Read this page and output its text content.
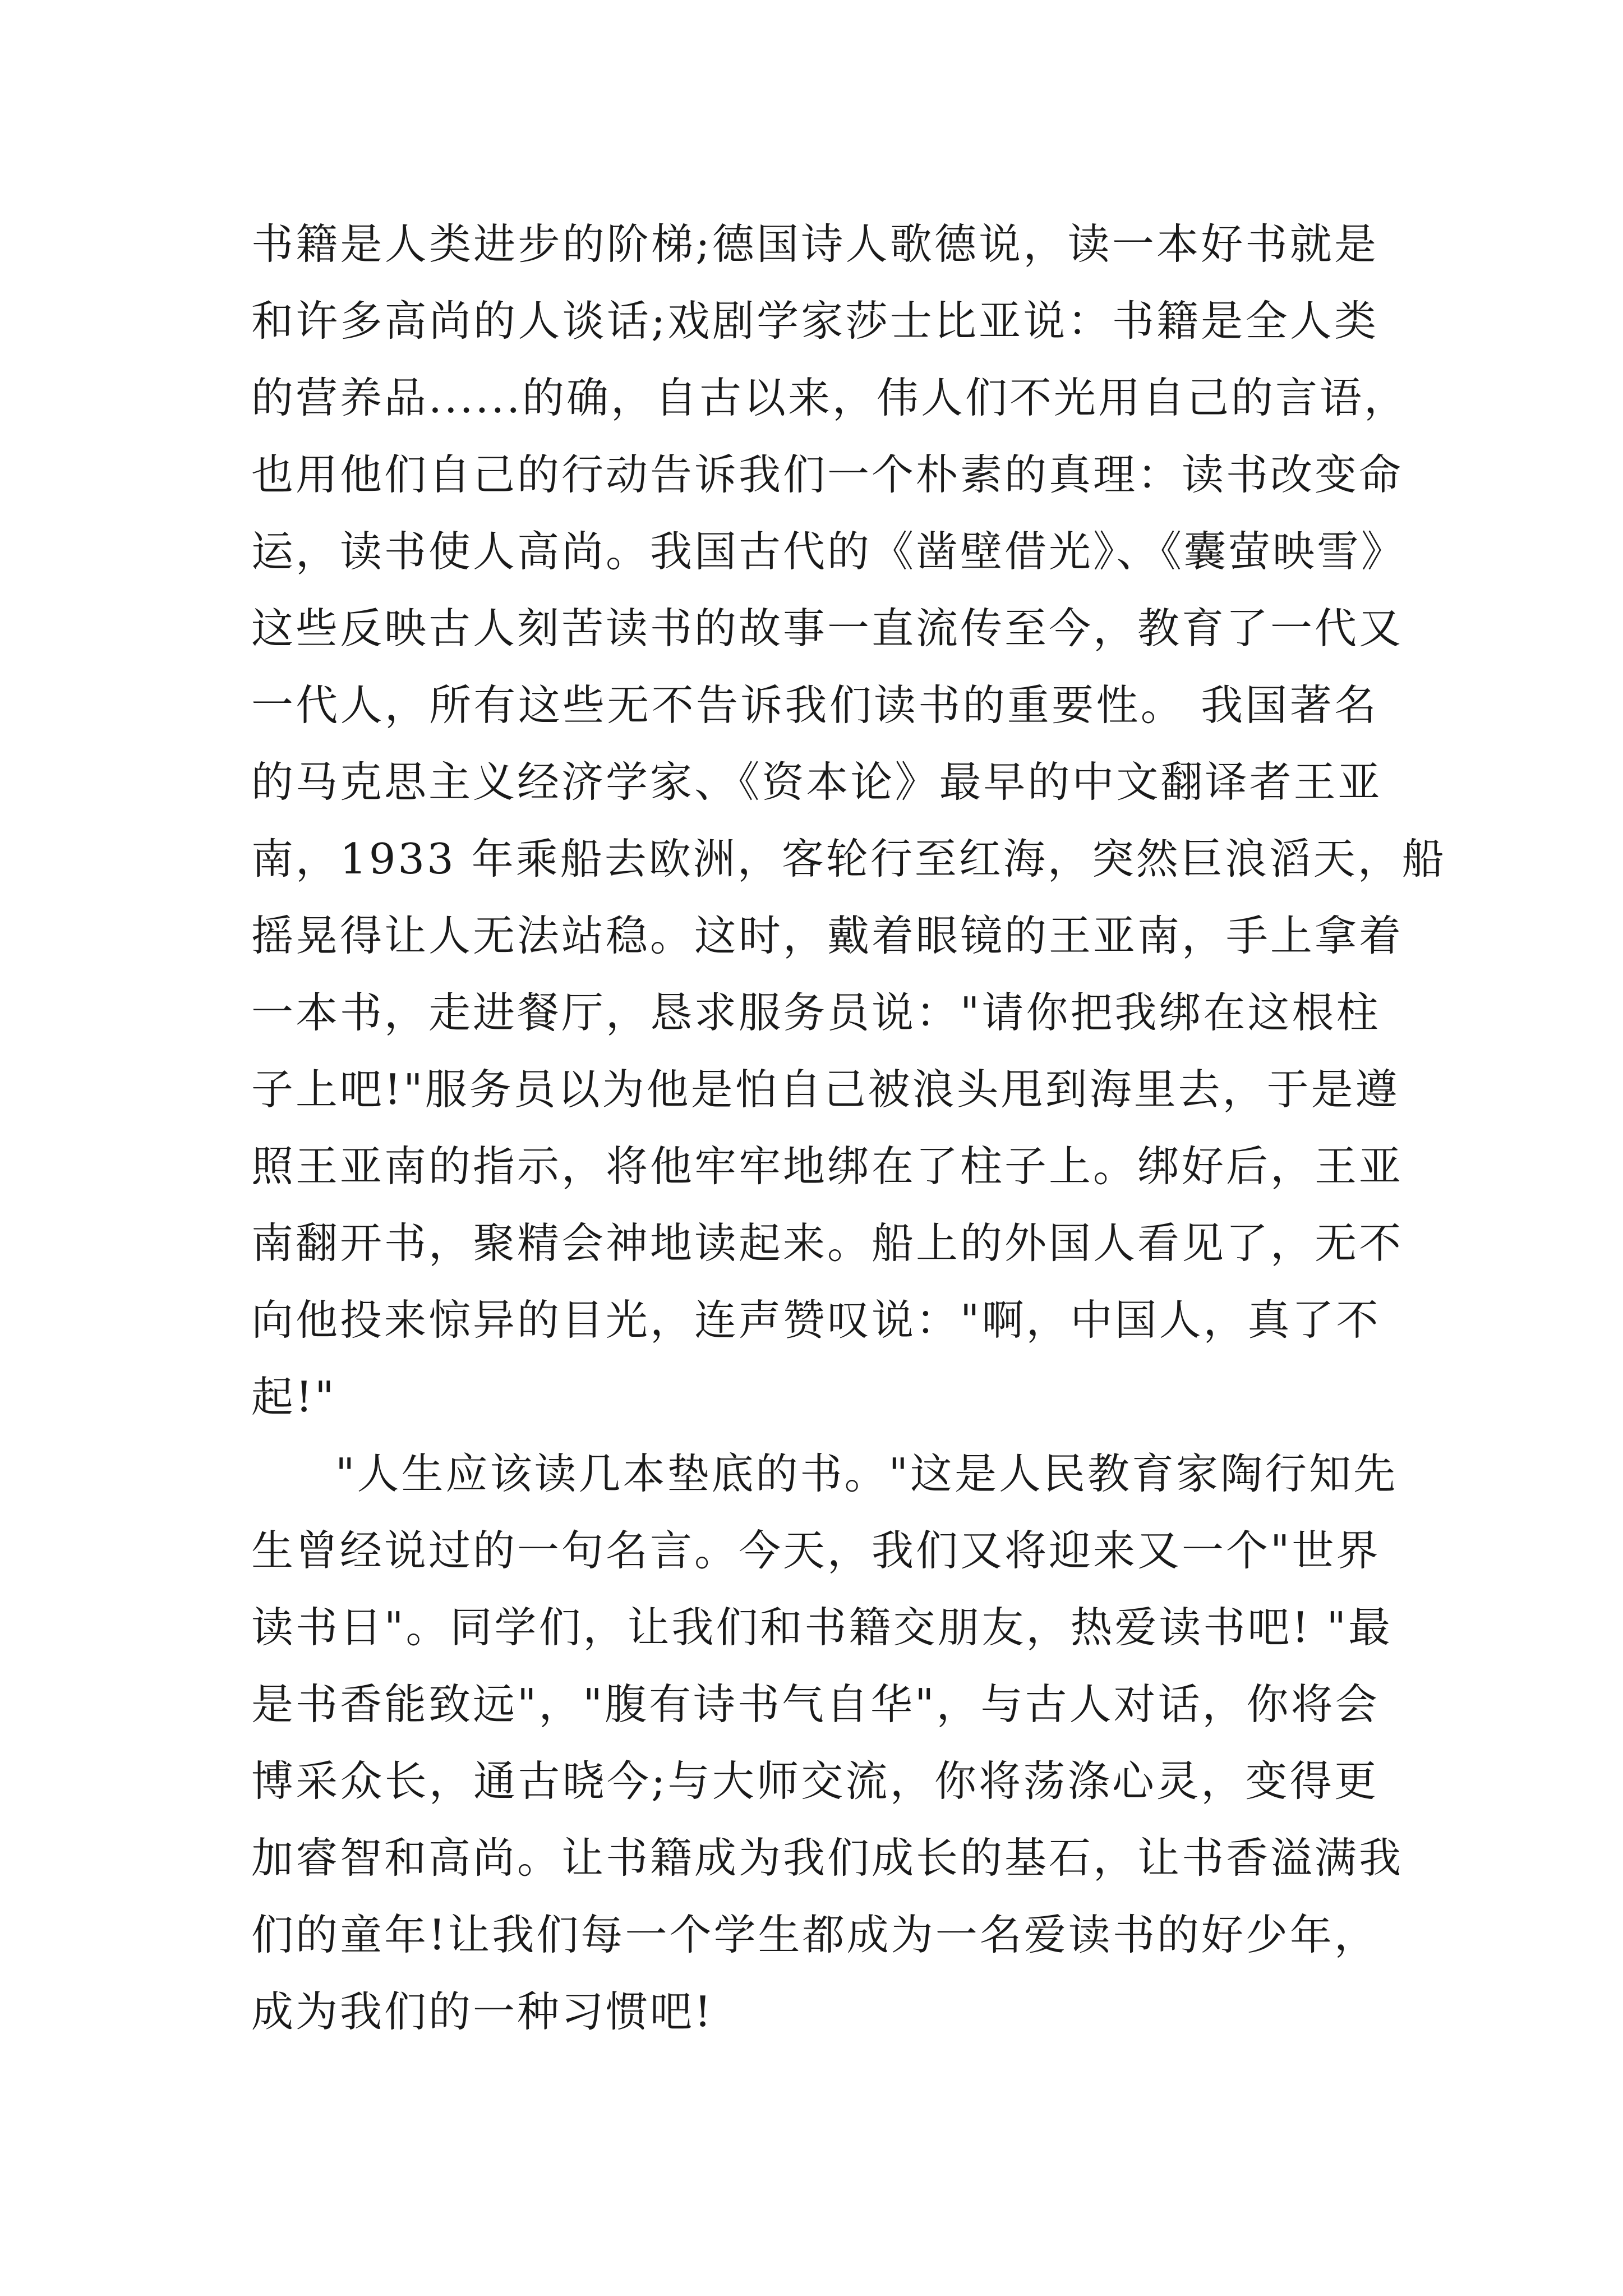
书籍是人类进步的阶梯;德国诗人歌德说，读一本好书就是
和许多高尚的人谈话;戏剧学家莎士比亚说：书籍是全人类
的营养品......的确，自古以来，伟人们不光用自己的言语，
也用他们自己的行动告诉我们一个朴素的真理：读书改变命
运，读书使人高尚。我国古代的《凿壁借光》、《囊萤映雪》
这些反映古人刻苦读书的故事一直流传至今，教育了一代又
一代人，所有这些无不告诉我们读书的重要性。 我国著名
的马克思主义经济学家、《资本论》最早的中文翻译者王亚
南，1933 年乘船去欧洲，客轮行至红海，突然巨浪滔天，船
摇晃得让人无法站稳。这时，戴着眼镜的王亚南，手上拿着
一本书，走进餐厅，恳求服务员说："请你把我绑在这根柱
子上吧!"服务员以为他是怕自己被浪头甩到海里去，于是遵
照王亚南的指示，将他牢牢地绑在了柱子上。绑好后，王亚
南翻开书，聚精会神地读起来。船上的外国人看见了，无不
向他投来惊异的目光，连声赞叹说："啊，中国人，真了不
起!"
"人生应该读几本垫底的书。"这是人民教育家陶行知先
生曾经说过的一句名言。今天，我们又将迎来又一个"世界
读书日"。同学们，让我们和书籍交朋友，热爱读书吧! "最
是书香能致远"，"腹有诗书气自华"，与古人对话，你将会
博采众长，通古晓今;与大师交流，你将荡涤心灵，变得更
加睿智和高尚。让书籍成为我们成长的基石，让书香溢满我
们的童年!让我们每一个学生都成为一名爱读书的好少年，
成为我们的一种习惯吧!
